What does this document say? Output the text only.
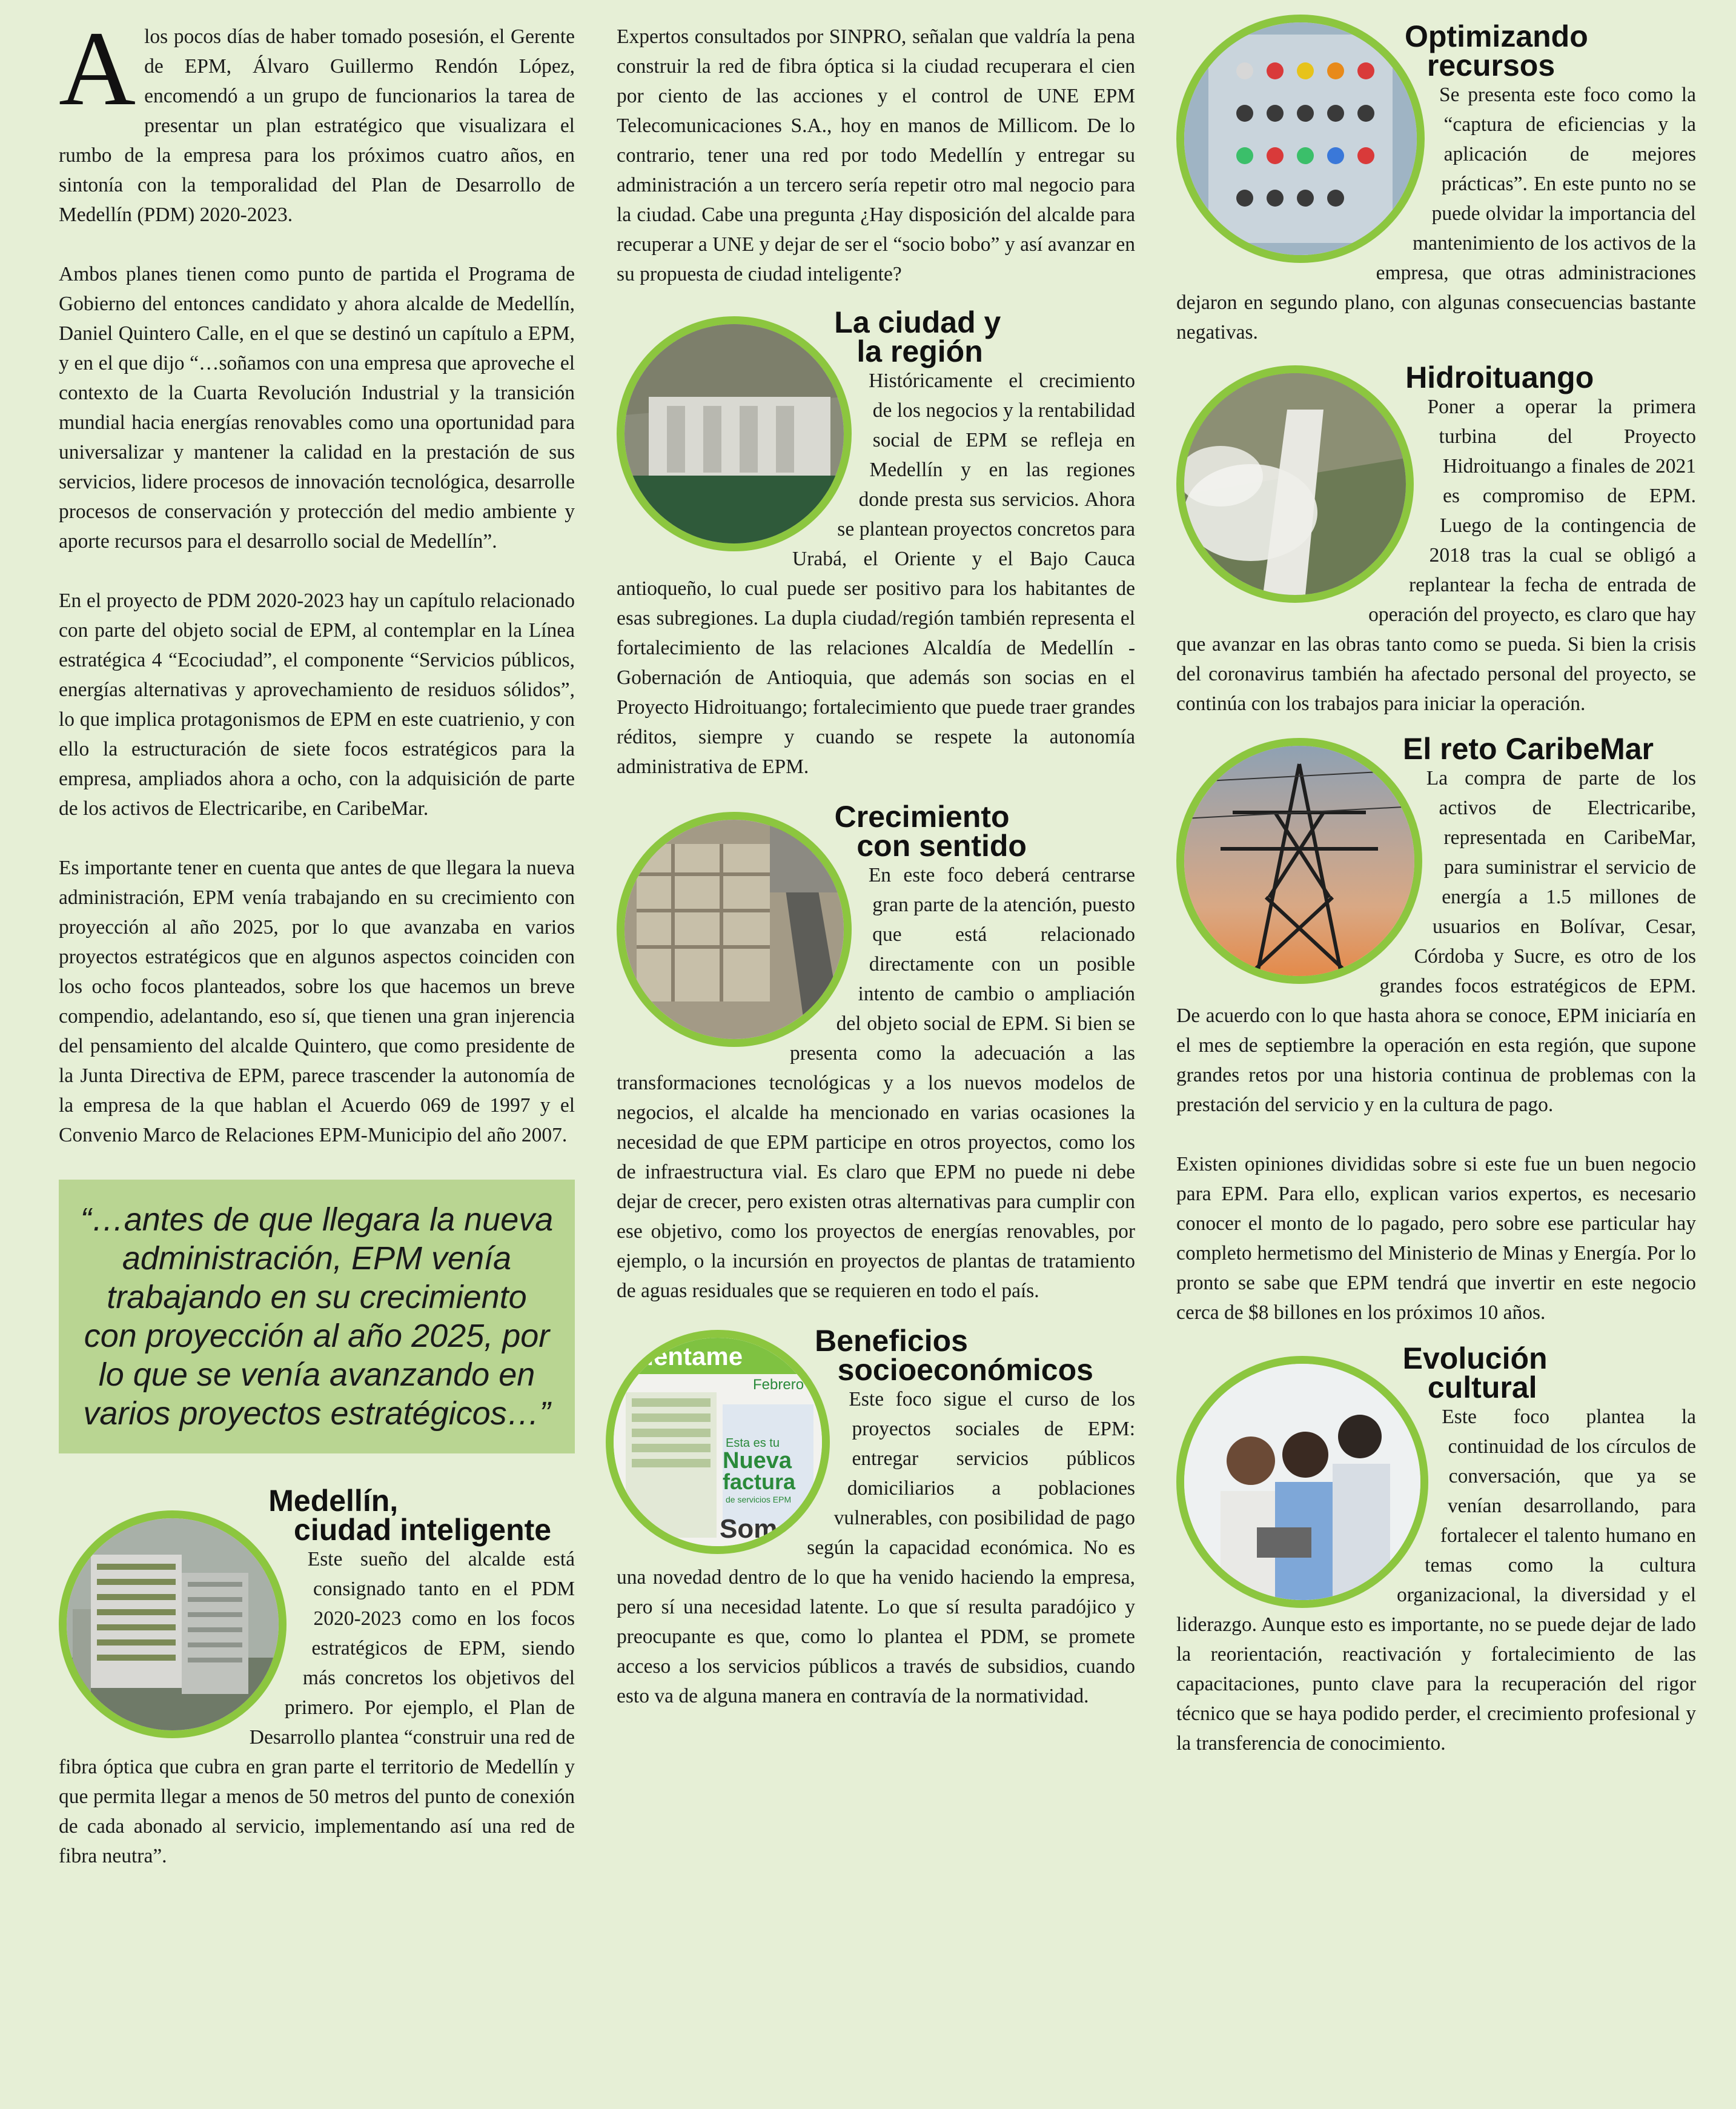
Alos pocos días de haber tomado posesión, el Gerente de EPM, Álvaro Guillermo Rendón López, encomendó a un grupo de funcionarios la tarea de presentar un plan estratégico que visualizara el rumbo de la empresa para los próximos cuatro años, en sintonía con la temporalidad del Plan de Desarrollo de Medellín (PDM) 2020-2023.

Ambos planes tienen como punto de partida el Programa de Gobierno del entonces candidato y ahora alcalde de Medellín, Daniel Quintero Calle, en el que se destinó un capítulo a EPM, y en el que dijo “…soñamos con una empresa que aproveche el contexto de la Cuarta Revolución Industrial y la transición mundial hacia energías renovables como una oportunidad para universalizar y mantener la calidad en la prestación de sus servicios, lidere procesos de innovación tecnológica, desarrolle procesos de conservación y protección del medio ambiente y aporte recursos para el desarrollo social de Medellín”.

En el proyecto de PDM 2020-2023 hay un capítulo relacionado con parte del objeto social de EPM, al contemplar en la Línea estratégica 4 “Ecociudad”, el componente “Servicios públicos, energías alternativas y aprovechamiento de residuos sólidos”, lo que implica protagonismos de EPM en este cuatrienio, y con ello la estructuración de siete focos estratégicos para la empresa, ampliados ahora a ocho, con la adquisición de parte de los activos de Electricaribe, en CaribeMar.

Es importante tener en cuenta que antes de que llegara la nueva administración, EPM venía trabajando en su crecimiento con proyección al año 2025, por lo que avanzaba en varios proyectos estratégicos que en algunos aspectos coinciden con los ocho focos planteados, sobre los que hacemos un breve compendio, adelantando, eso sí, que tienen una gran injerencia del pensamiento del alcalde Quintero, que como presidente de la Junta Directiva de EPM, parece trascender la autonomía de la empresa de la que hablan el Acuerdo 069 de 1997 y el Convenio Marco de Relaciones EPM-Municipio del año 2007.

“…antes de que llegara la nueva administración, EPM venía trabajando en su crecimiento con proyección al año 2025, por lo que se venía avanzando en varios proyectos estratégicos…”
Medellín,
ciudad inteligente
Este sueño del alcalde está consignado tanto en el PDM 2020-2023 como en los focos estratégicos de EPM, siendo más concretos los objetivos del primero. Por ejemplo, el Plan de Desarrollo plantea “construir una red de fibra óptica que cubra en gran parte el territorio de Medellín y que permita llegar a menos de 50 metros del punto de conexión de cada abonado al servicio, implementando así una red de fibra neutra”.

Expertos consultados por SINPRO, señalan que valdría la pena construir la red de fibra óptica si la ciudad recuperara el cien por ciento de las acciones y el control de UNE EPM Telecomunicaciones S.A., hoy en manos de Millicom. De lo contrario, tener una red por todo Medellín y entregar su administración a un tercero sería repetir otro mal negocio para la ciudad. Cabe una pregunta ¿Hay disposición del alcalde para recuperar a UNE y dejar de ser el “socio bobo” y así avanzar en su propuesta de ciudad inteligente?

La ciudad y
la región
Históricamente el crecimiento de los negocios y la rentabilidad social de EPM se refleja en Medellín y en las regiones donde presta sus servicios. Ahora se plantean proyectos concretos para Urabá, el Oriente y el Bajo Cauca antioqueño, lo cual puede ser positivo para los habitantes de esas subregiones. La dupla ciudad/región también representa el fortalecimiento de las relaciones Alcaldía de Medellín - Gobernación de Antioquia, que además son socias en el Proyecto Hidroituango; fortalecimiento que puede traer grandes réditos, siempre y cuando se respete la autonomía administrativa de EPM.
Crecimiento
con sentido
En este foco deberá centrarse gran parte de la atención, puesto que está relacionado directamente con un posible intento de cambio o ampliación del objeto social de EPM. Si bien se presenta como la adecuación a las transformaciones tecnológicas y a los nuevos modelos de negocios, el alcalde ha mencionado en varias ocasiones la necesidad de que EPM participe en otros proyectos, como los de infraestructura vial. Es claro que EPM no puede ni debe dejar de crecer, pero existen otras alternativas para cumplir con ese objetivo, como los proyectos de energías renovables, por ejemplo, o la incursión en proyectos de plantas de tratamiento de aguas residuales que se requieren en todo el país.
Cuéntame
Febrero
Esta es tu
Nueva
factura
de servicios EPM
Som
Beneficios
socioeconómicos
Este foco sigue el curso de los proyectos sociales de EPM: entregar servicios públicos domiciliarios a poblaciones vulnerables, con posibilidad de pago según la capacidad económica. No es una novedad dentro de lo que ha venido haciendo la empresa, pero sí una necesidad latente. Lo que sí resulta paradójico y preocupante es que, como lo plantea el PDM, se promete acceso a los servicios públicos a través de subsidios, cuando esto va de alguna manera en contravía de la normatividad.
Optimizando
recursos
Se presenta este foco como la “captura de eficiencias y la aplicación de mejores prácticas”. En este punto no se puede olvidar la importancia del mantenimiento de los activos de la empresa, que otras administraciones dejaron en segundo plano, con algunas consecuencias bastante negativas.
Hidroituango
Poner a operar la primera turbina del Proyecto Hidroituango a finales de 2021 es compromiso de EPM. Luego de la contingencia de 2018 tras la cual se obligó a replantear la fecha de entrada de operación del proyecto, es claro que hay que avanzar en las obras tanto como se pueda. Si bien la crisis del coronavirus también ha afectado personal del proyecto, se continúa con los trabajos para iniciar la operación.
El reto CaribeMar
La compra de parte de los activos de Electricaribe, representada en CaribeMar, para suministrar el servicio de energía a 1.5 millones de usuarios en Bolívar, Cesar, Córdoba y Sucre, es otro de los grandes focos estratégicos de EPM. De acuerdo con lo que hasta ahora se conoce, EPM iniciaría en el mes de septiembre la operación en esta región, que supone grandes retos por una historia continua de problemas con la prestación del servicio y en la cultura de pago.

Existen opiniones divididas sobre si este fue un buen negocio para EPM. Para ello, explican varios expertos, es necesario conocer el monto de lo pagado, pero sobre ese particular hay completo hermetismo del Ministerio de Minas y Energía. Por lo pronto se sabe que EPM tendrá que invertir en este negocio cerca de $8 billones en los próximos 10 años.

Evolución
cultural
Este foco plantea la continuidad de los círculos de conversación, que ya se venían desarrollando, para fortalecer el talento humano en temas como la cultura organizacional, la diversidad y el liderazgo. Aunque esto es importante, no se puede dejar de lado la reorientación, reactivación y fortalecimiento de las capacitaciones, punto clave para la recuperación del rigor técnico que se haya podido perder, el crecimiento profesional y la transferencia de conocimiento.
